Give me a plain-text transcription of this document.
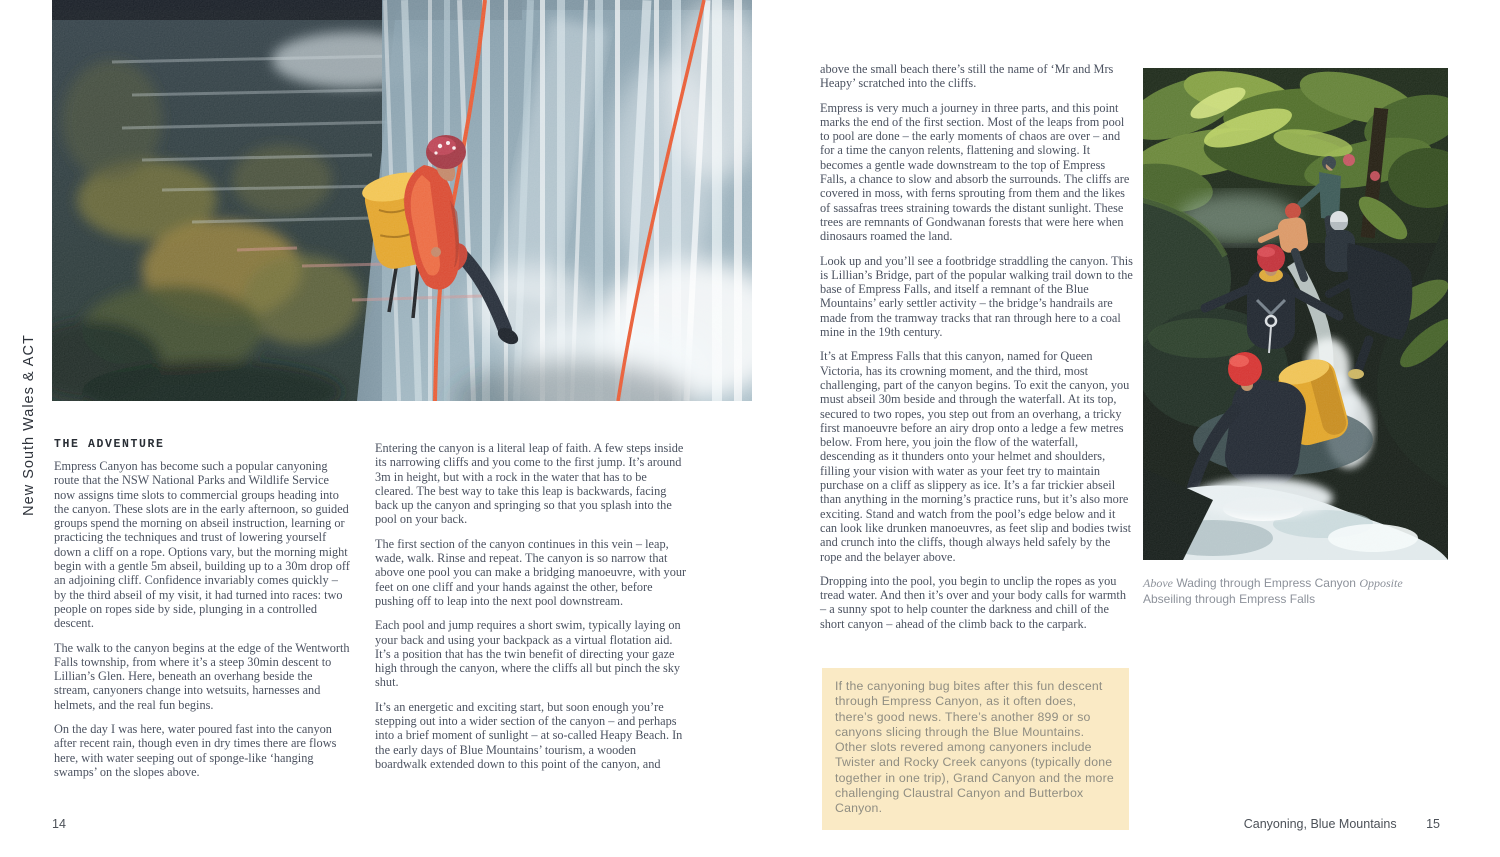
New South Wales & ACT	THE ADVENTURE

Empress Canyon has become such a popular canyoning route that the NSW National Parks and Wildlife Service now assigns time slots to commercial groups heading into the canyon. These slots are in the early afternoon, so guided groups spend the morning on abseil instruction, learning or practicing the techniques and trust of lowering yourself down a cliff on a rope. Options vary, but the morning might begin with a gentle 5m abseil, building up to a 30m drop off an adjoining cliff. Confidence invariably comes quickly – by the third abseil of my visit, it had turned into races: two people on ropes side by side, plunging in a controlled descent.

The walk to the canyon begins at the edge of the Wentworth Falls township, from where it’s a steep 30min descent to Lillian’s Glen. Here, beneath an overhang beside the stream, canyoners change into wetsuits, harnesses and helmets, and the real fun begins.

On the day I was here, water poured fast into the canyon after recent rain, though even in dry times there are flows here, with water seeping out of sponge-like ‘hanging swamps’ on the slopes above.

Entering the canyon is a literal leap of faith. A few steps inside its narrowing cliffs and you come to the first jump. It’s around 3m in height, but with a rock in the water that has to be cleared. The best way to take this leap is backwards, facing back up the canyon and springing so that you splash into the pool on your back.

The first section of the canyon continues in this vein – leap, wade, walk. Rinse and repeat. The canyon is so narrow that above one pool you can make a bridging manoeuvre, with your feet on one cliff and your hands against the other, before pushing off to leap into the next pool downstream.

Each pool and jump requires a short swim, typically laying on your back and using your backpack as a virtual flotation aid. It’s a position that has the twin benefit of directing your gaze high through the canyon, where the cliffs all but pinch the sky shut.

It’s an energetic and exciting start, but soon enough you’re stepping out into a wider section of the canyon – and perhaps into a brief moment of sunlight – at so-called Heapy Beach. In the early days of Blue Mountains’ tourism, a wooden boardwalk extended down to this point of the canyon, and

above the small beach there’s still the name of ‘Mr and Mrs Heapy’ scratched into the cliffs.

Empress is very much a journey in three parts, and this point marks the end of the first section. Most of the leaps from pool to pool are done – the early moments of chaos are over – and for a time the canyon relents, flattening and slowing. It becomes a gentle wade downstream to the top of Empress Falls, a chance to slow and absorb the surrounds. The cliffs are covered in moss, with ferns sprouting from them and the likes of sassafras trees straining towards the distant sunlight. These trees are remnants of Gondwanan forests that were here when dinosaurs roamed the land.

Look up and you’ll see a footbridge straddling the canyon. This is Lillian’s Bridge, part of the popular walking trail down to the base of Empress Falls, and itself a remnant of the Blue Mountains’ early settler activity – the bridge’s handrails are made from the tramway tracks that ran through here to a coal mine in the 19th century.

It’s at Empress Falls that this canyon, named for Queen Victoria, has its crowning moment, and the third, most challenging, part of the canyon begins. To exit the canyon, you must abseil 30m beside and through the waterfall. At its top, secured to two ropes, you step out from an overhang, a tricky first manoeuvre before an airy drop onto a ledge a few metres below. From here, you join the flow of the waterfall, descending as it thunders onto your helmet and shoulders, filling your vision with water as your feet try to maintain purchase on a cliff as slippery as ice. It’s a far trickier abseil than anything in the morning’s practice runs, but it’s also more exciting. Stand and watch from the pool’s edge below and it can look like drunken manoeuvres, as feet slip and bodies twist and crunch into the cliffs, though always held safely by the rope and the belayer above.

Dropping into the pool, you begin to unclip the ropes as you tread water. And then it’s over and your body calls for warmth – a sunny spot to help counter the darkness and chill of the short canyon – ahead of the climb back to the carpark.

Above Wading through Empress Canyon Opposite Abseiling through Empress Falls
If the canyoning bug bites after this fun descent through Empress Canyon, as it often does, there’s good news. There’s another 899 or so canyons slicing through the Blue Mountains. Other slots revered among canyoners include Twister and Rocky Creek canyons (typically done together in one trip), Grand Canyon and the more challenging Claustral Canyon and Butterbox Canyon.
14	Canyoning, Blue Mountains 15
